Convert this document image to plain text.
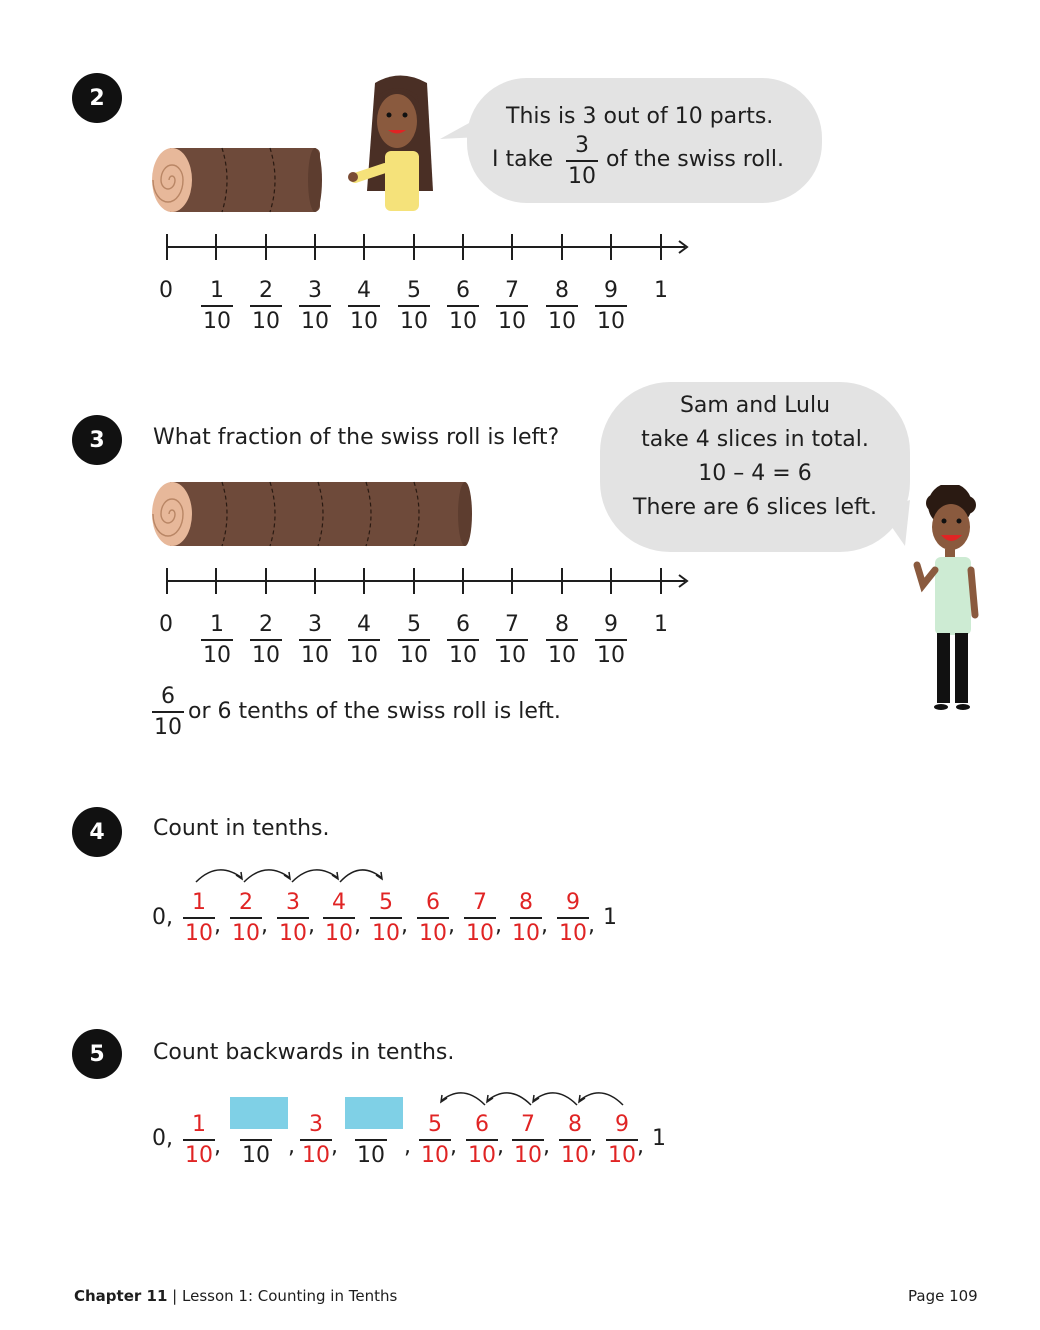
2
This is 3 out of 10 parts.
I take
3
10
of the swiss roll.
0 1
10
2
10
3
10
4
10
5
10
6
10
7
10
8
10
9
10
1
3	What fraction of the swiss roll is left?
Sam and Lulu
take 4 slices in total.
10 – 4 = 6
There are 6 slices left.
0 1
10
2
10
3
10
4
10
5
10
6
10
7
10
8
10
9
10
1
6
10
or 6 tenths of the swiss roll is left.
4	Count in tenths.
0,
1
10 ,
2
10 ,
3
10 ,
4
10 ,
5
10 ,
6
10 ,
7
10 ,
8
10 ,
9
10 , 1
5	Count backwards in tenths.
0,
1
10 , 10 ,
3
10 , 10 ,
5
10 ,
6
10 ,
7
10 ,
8
10 ,
9
10 , 1
Chapter 11 | Lesson 1: Counting in Tenths	Page 109
